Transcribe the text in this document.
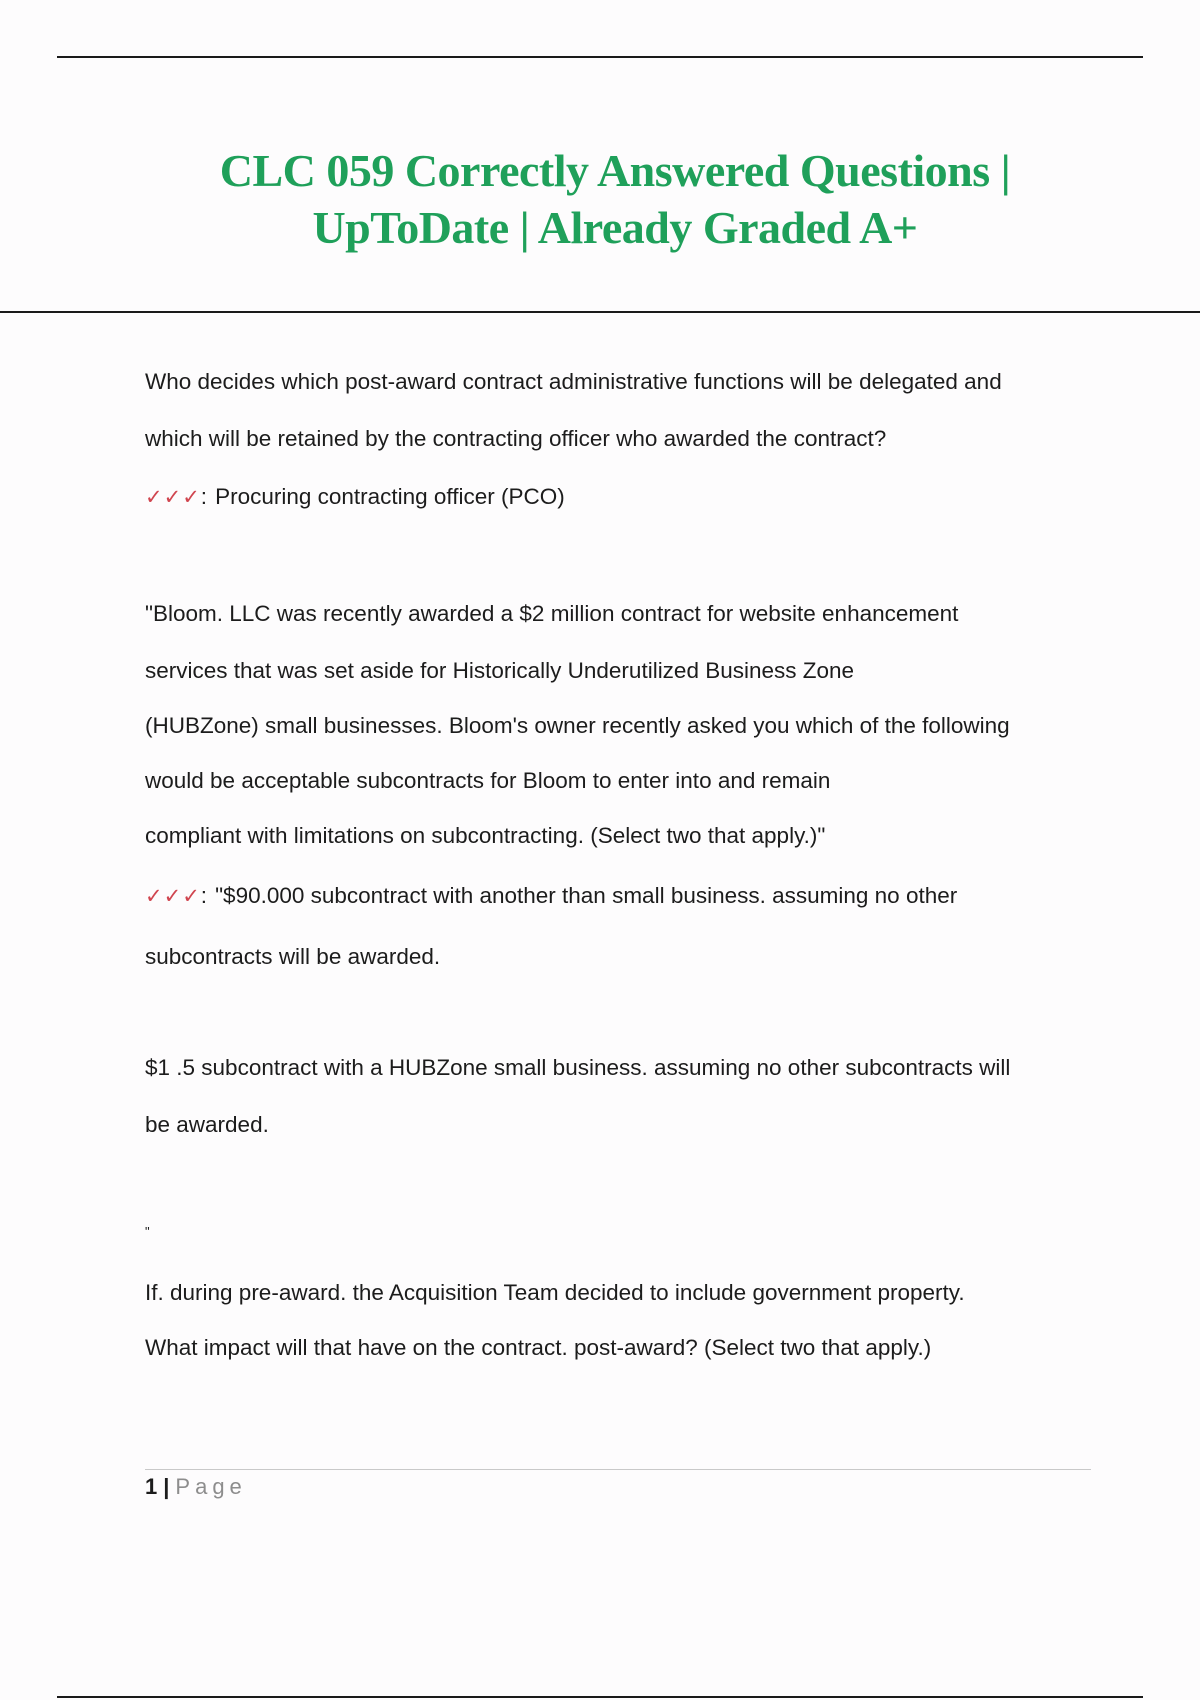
CLC 059 Correctly Answered Questions |
UpToDate | Already Graded A+
Who decides which post-award contract administrative functions will be delegated and
which will be retained by the contracting officer who awarded the contract?
✓✓✓: Procuring contracting officer (PCO)
"Bloom. LLC was recently awarded a $2 million contract for website enhancement
services that was set aside for Historically Underutilized Business Zone
(HUBZone) small businesses. Bloom's owner recently asked you which of the following
would be acceptable subcontracts for Bloom to enter into and remain
compliant with limitations on subcontracting. (Select two that apply.)"
✓✓✓: "$90.000 subcontract with another than small business. assuming no other
subcontracts will be awarded.
$1 .5 subcontract with a HUBZone small business. assuming no other subcontracts will
be awarded.
"
If. during pre-award. the Acquisition Team decided to include government property.
What impact will that have on the contract. post-award? (Select two that apply.)
1 | Page
